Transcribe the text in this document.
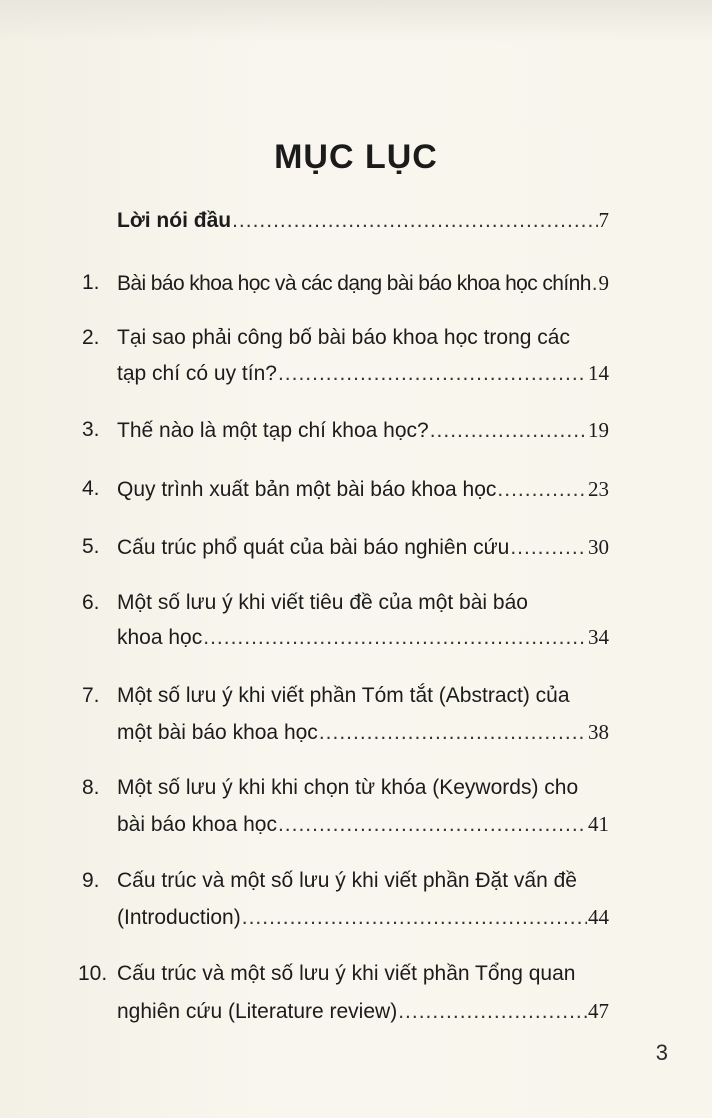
MỤC LỤC
Lời nói đầu .....	7
1. Bài báo khoa học và các dạng bài báo khoa học chính ..... 9
2. Tại sao phải công bố bài báo khoa học trong các
tạp chí có uy tín? .....	14
3. Thế nào là một tạp chí khoa học? .....	19
4. Quy trình xuất bản một bài báo khoa học .....	23
5. Cấu trúc phổ quát của bài báo nghiên cứu .....	30
6. Một số lưu ý khi viết tiêu đề của một bài báo
khoa học .....	34
7. Một số lưu ý khi viết phần Tóm tắt (Abstract) của
một bài báo khoa học .....	38
8. Một số lưu ý khi khi chọn từ khóa (Keywords) cho
bài báo khoa học .....	41
9. Cấu trúc và một số lưu ý khi viết phần Đặt vấn đề
(Introduction) .....	44
10. Cấu trúc và một số lưu ý khi viết phần Tổng quan
nghiên cứu (Literature review) .....	47
3
